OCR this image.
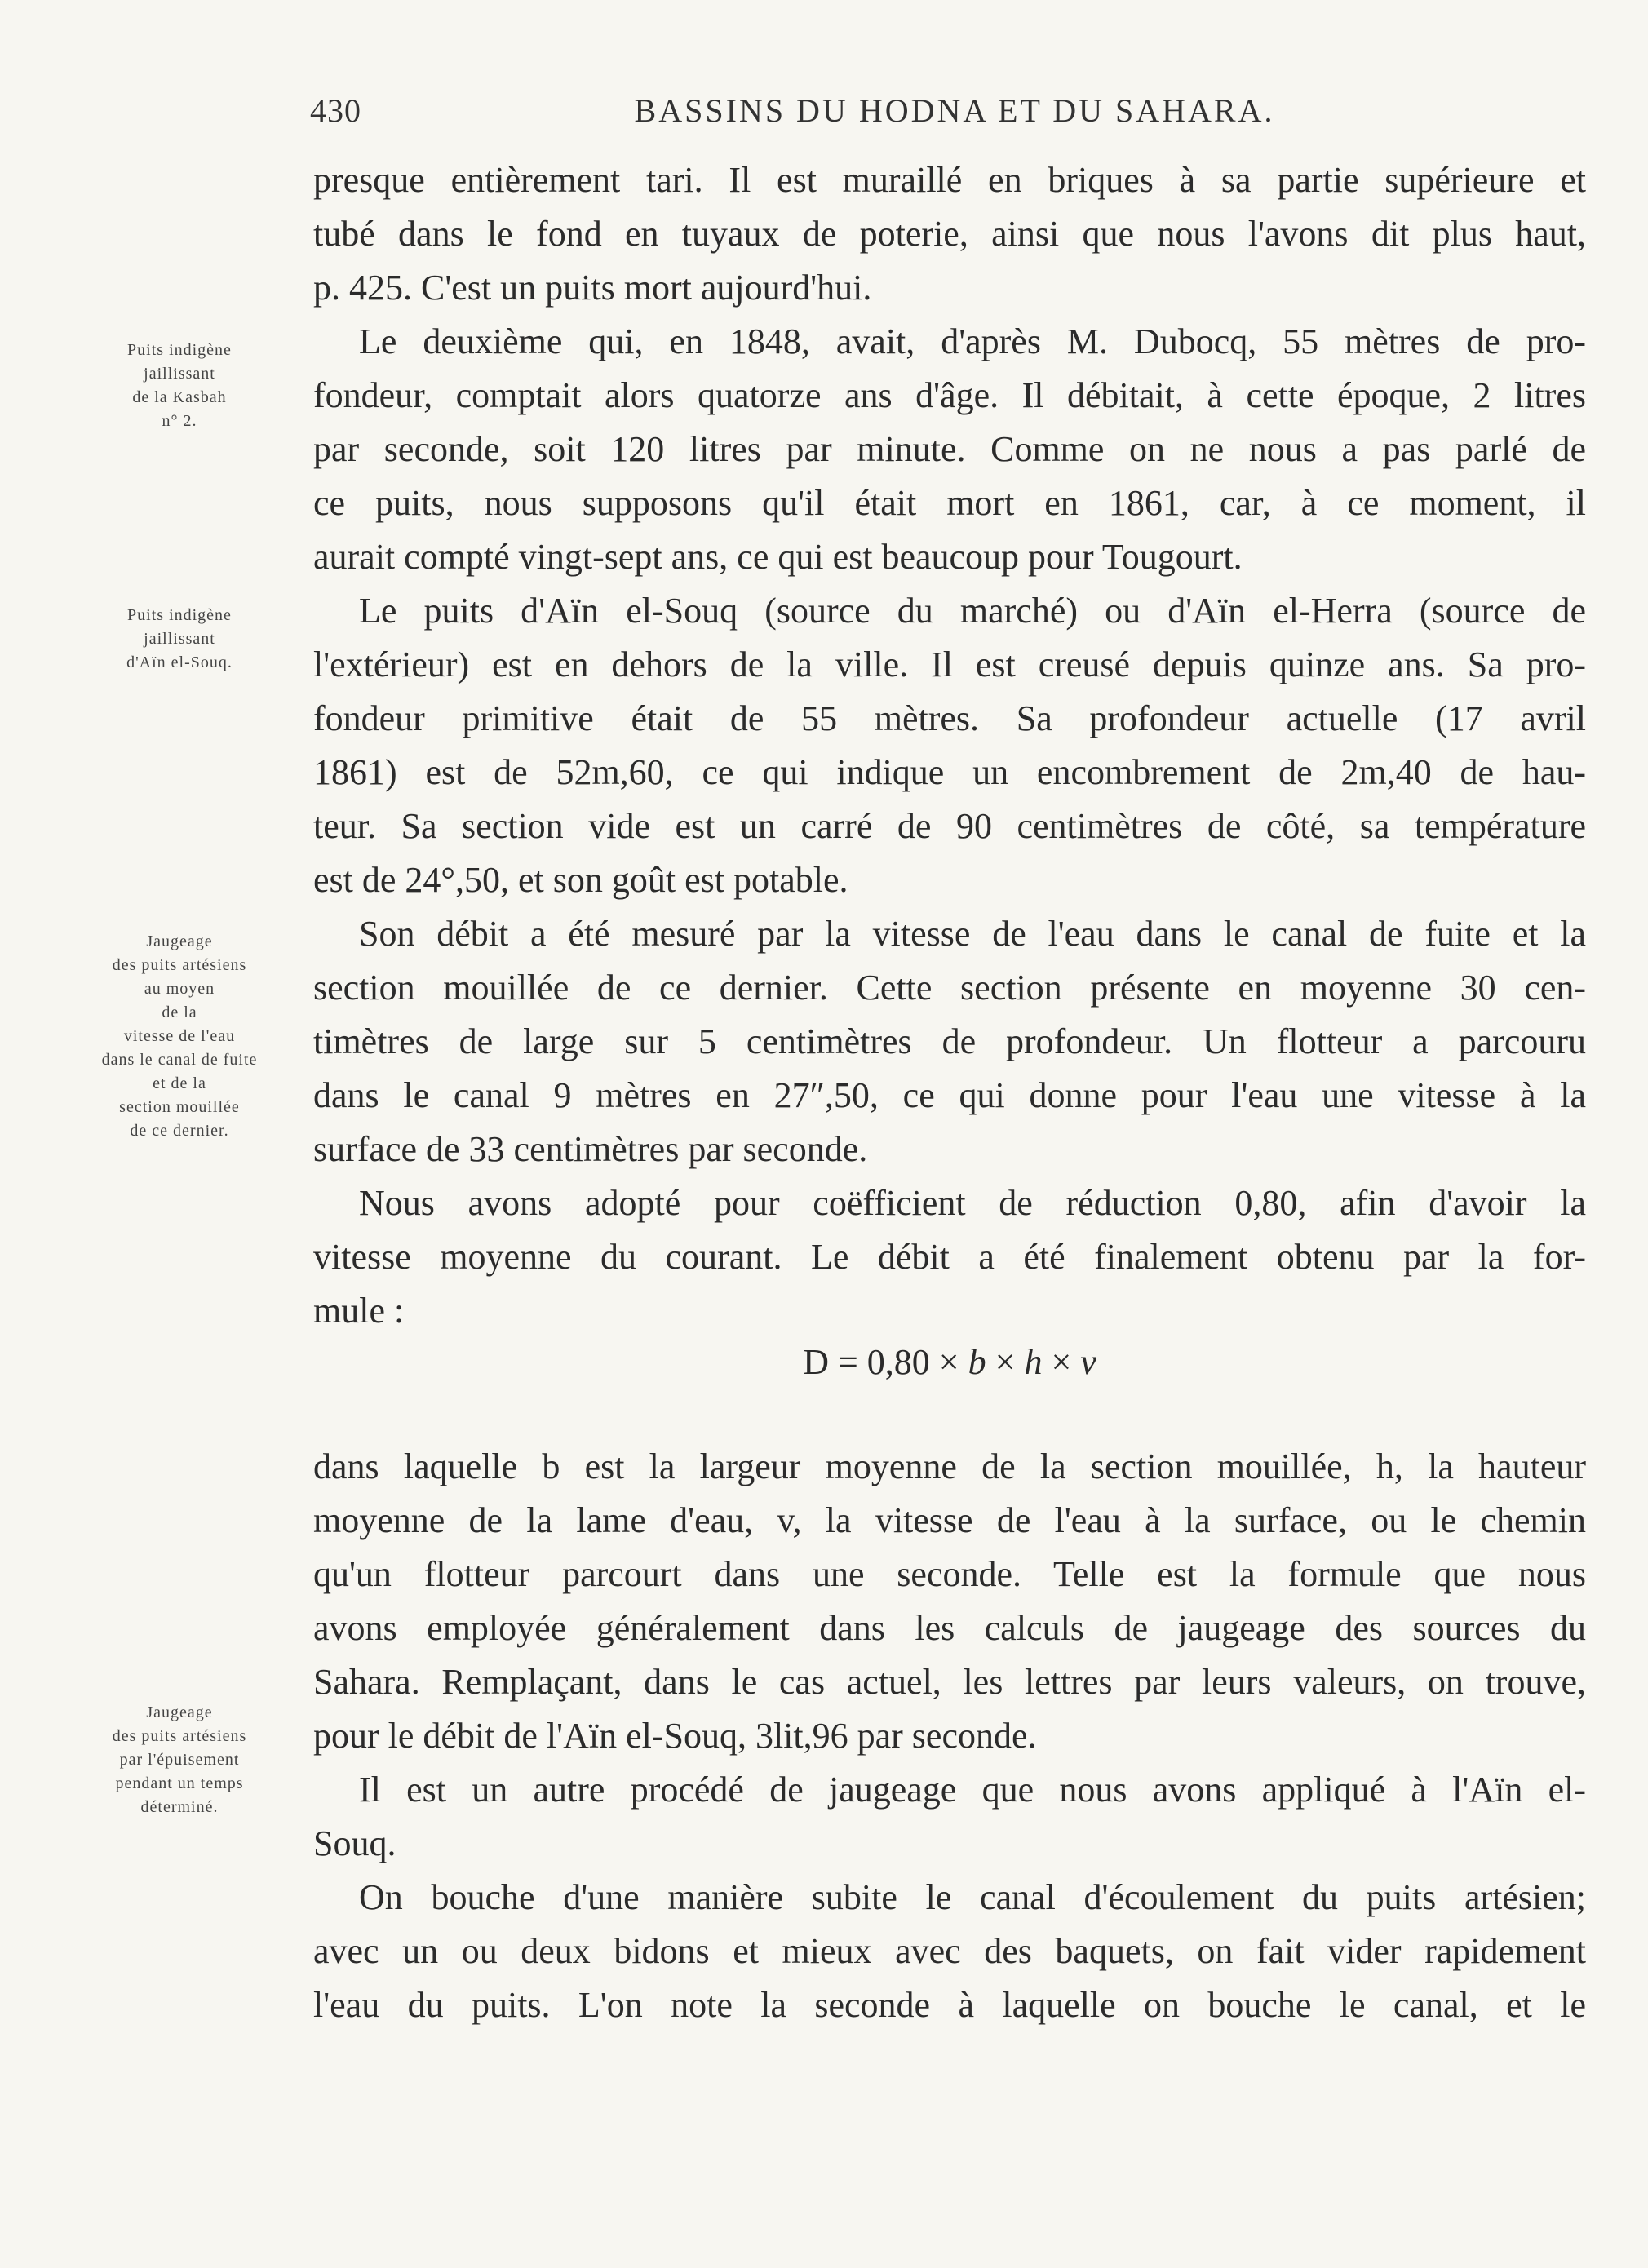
430	BASSINS DU HODNA ET DU SAHARA.
Puits indigène
jaillissant
de la Kasbah
n° 2.
Puits indigène
jaillissant
d'Aïn el-Souq.
Jaugeage
des puits artésiens
au moyen
de la
vitesse de l'eau
dans le canal de fuite
et de la
section mouillée
de ce dernier.
Jaugeage
des puits artésiens
par l'épuisement
pendant un temps
déterminé.
presque entièrement tari. Il est muraillé en briques à sa partie supérieure et
tubé dans le fond en tuyaux de poterie, ainsi que nous l'avons dit plus haut,
p. 425. C'est un puits mort aujourd'hui.
Le deuxième qui, en 1848, avait, d'après M. Dubocq, 55 mètres de pro-
fondeur, comptait alors quatorze ans d'âge. Il débitait, à cette époque, 2 litres
par seconde, soit 120 litres par minute. Comme on ne nous a pas parlé de
ce puits, nous supposons qu'il était mort en 1861, car, à ce moment, il
aurait compté vingt-sept ans, ce qui est beaucoup pour Tougourt.
Le puits d'Aïn el-Souq (source du marché) ou d'Aïn el-Herra (source de
l'extérieur) est en dehors de la ville. Il est creusé depuis quinze ans. Sa pro-
fondeur primitive était de 55 mètres. Sa profondeur actuelle (17 avril
1861) est de 52m,60, ce qui indique un encombrement de 2m,40 de hau-
teur. Sa section vide est un carré de 90 centimètres de côté, sa température
est de 24°,50, et son goût est potable.
Son débit a été mesuré par la vitesse de l'eau dans le canal de fuite et la
section mouillée de ce dernier. Cette section présente en moyenne 30 cen-
timètres de large sur 5 centimètres de profondeur. Un flotteur a parcouru
dans le canal 9 mètres en 27″,50, ce qui donne pour l'eau une vitesse à la
surface de 33 centimètres par seconde.
Nous avons adopté pour coëfficient de réduction 0,80, afin d'avoir la
vitesse moyenne du courant. Le débit a été finalement obtenu par la for-
mule :
D = 0,80 × b × h × v
dans laquelle b est la largeur moyenne de la section mouillée, h, la hauteur
moyenne de la lame d'eau, v, la vitesse de l'eau à la surface, ou le chemin
qu'un flotteur parcourt dans une seconde. Telle est la formule que nous
avons employée généralement dans les calculs de jaugeage des sources du
Sahara. Remplaçant, dans le cas actuel, les lettres par leurs valeurs, on trouve,
pour le débit de l'Aïn el-Souq, 3lit,96 par seconde.
Il est un autre procédé de jaugeage que nous avons appliqué à l'Aïn el-
Souq.
On bouche d'une manière subite le canal d'écoulement du puits artésien;
avec un ou deux bidons et mieux avec des baquets, on fait vider rapidement
l'eau du puits. L'on note la seconde à laquelle on bouche le canal, et le
